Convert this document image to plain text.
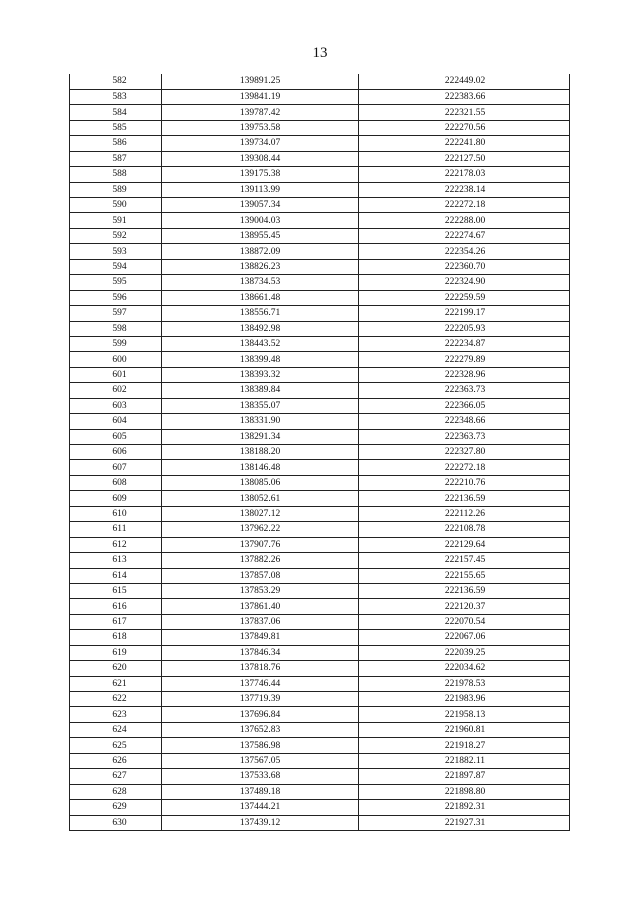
13
582	139891.25	222449.02
583	139841.19	222383.66
584	139787.42	222321.55
585	139753.58	222270.56
586	139734.07	222241.80
587	139308.44	222127.50
588	139175.38	222178.03
589	139113.99	222238.14
590	139057.34	222272.18
591	139004.03	222288.00
592	138955.45	222274.67
593	138872.09	222354.26
594	138826.23	222360.70
595	138734.53	222324.90
596	138661.48	222259.59
597	138556.71	222199.17
598	138492.98	222205.93
599	138443.52	222234.87
600	138399.48	222279.89
601	138393.32	222328.96
602	138389.84	222363.73
603	138355.07	222366.05
604	138331.90	222348.66
605	138291.34	222363.73
606	138188.20	222327.80
607	138146.48	222272.18
608	138085.06	222210.76
609	138052.61	222136.59
610	138027.12	222112.26
611	137962.22	222108.78
612	137907.76	222129.64
613	137882.26	222157.45
614	137857.08	222155.65
615	137853.29	222136.59
616	137861.40	222120.37
617	137837.06	222070.54
618	137849.81	222067.06
619	137846.34	222039.25
620	137818.76	222034.62
621	137746.44	221978.53
622	137719.39	221983.96
623	137696.84	221958.13
624	137652.83	221960.81
625	137586.98	221918.27
626	137567.05	221882.11
627	137533.68	221897.87
628	137489.18	221898.80
629	137444.21	221892.31
630	137439.12	221927.31
